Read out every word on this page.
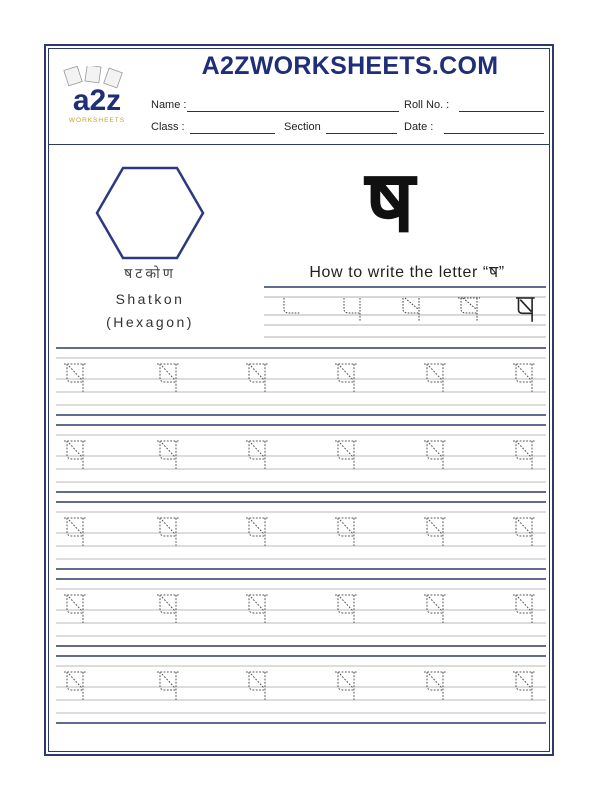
A2ZWORKSHEETS.COM
a2z
WORKSHEETS
Name :	Roll No. :
Class :	Section	Date :
षटकोण
Shatkon
(Hexagon)
ष
How to write the letter “ष”
